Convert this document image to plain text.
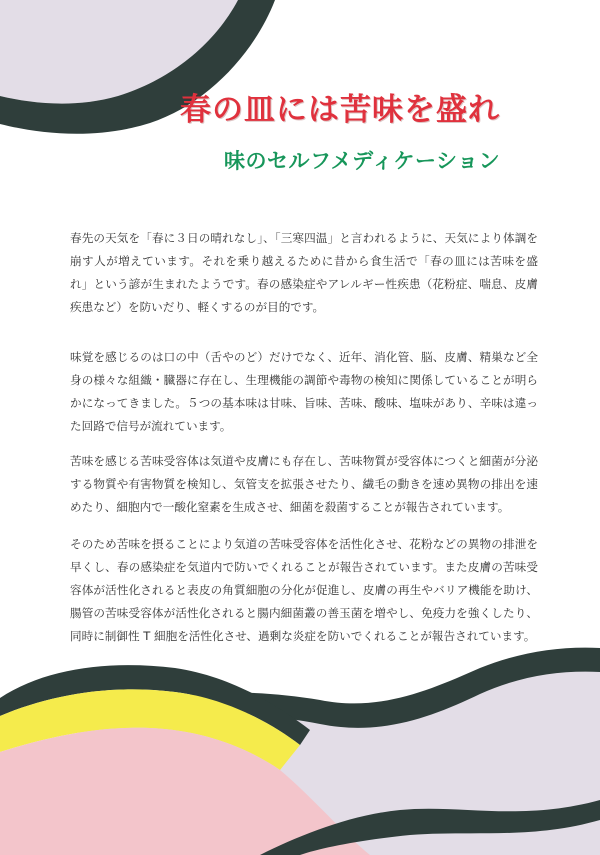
春の皿には苦味を盛れ
味のセルフメディケーション

春先の天気を「春に３日の晴れなし」、「三寒四温」と言われるように、天気により体調を崩す人が増えています。それを乗り越えるために昔から食生活で「春の皿には苦味を盛れ」という諺が生まれたようです。春の感染症やアレルギー性疾患（花粉症、喘息、皮膚疾患など）を防いだり、軽くするのが目的です。

味覚を感じるのは口の中（舌やのど）だけでなく、近年、消化管、脳、皮膚、精巣など全身の様々な組織・臓器に存在し、生理機能の調節や毒物の検知に関係していることが明らかになってきました。５つの基本味は甘味、旨味、苦味、酸味、塩味があり、辛味は違った回路で信号が流れています。

苦味を感じる苦味受容体は気道や皮膚にも存在し、苦味物質が受容体につくと細菌が分泌する物質や有害物質を検知し、気管支を拡張させたり、繊毛の動きを速め異物の排出を速めたり、細胞内で一酸化窒素を生成させ、細菌を殺菌することが報告されています。

そのため苦味を摂ることにより気道の苦味受容体を活性化させ、花粉などの異物の排泄を早くし、春の感染症を気道内で防いでくれることが報告されています。また皮膚の苦味受容体が活性化されると表皮の角質細胞の分化が促進し、皮膚の再生やバリア機能を助け、腸管の苦味受容体が活性化されると腸内細菌叢の善玉菌を増やし、免疫力を強くしたり、同時に制御性 T 細胞を活性化させ、過剰な炎症を防いでくれることが報告されています。
